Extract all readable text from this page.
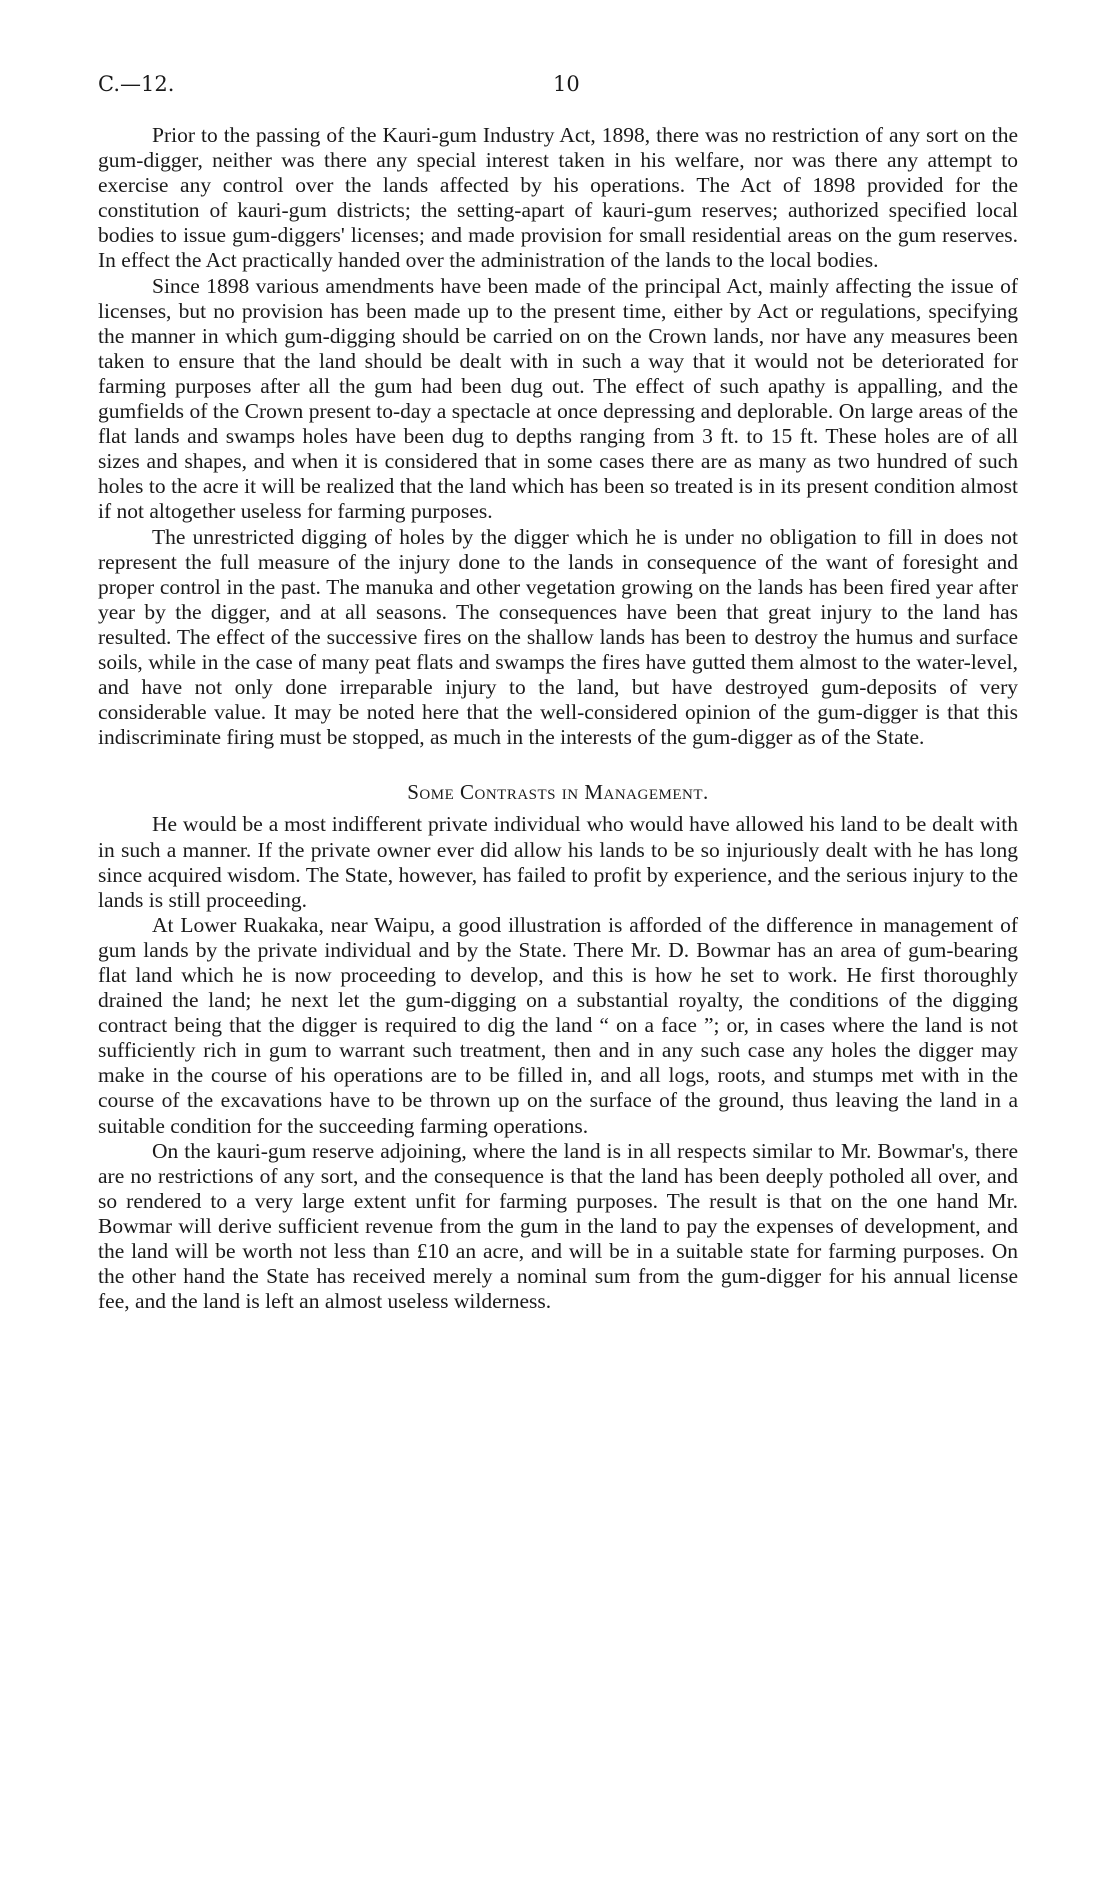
C.—12.	10

Prior to the passing of the Kauri-gum Industry Act, 1898, there was no restriction of any sort on the gum-digger, neither was there any special interest taken in his welfare, nor was there any attempt to exercise any control over the lands affected by his operations. The Act of 1898 provided for the constitution of kauri-gum districts; the setting-apart of kauri-gum reserves; authorized specified local bodies to issue gum-diggers' licenses; and made provision for small residential areas on the gum reserves. In effect the Act practically handed over the administration of the lands to the local bodies.

Since 1898 various amendments have been made of the principal Act, mainly affecting the issue of licenses, but no provision has been made up to the present time, either by Act or regulations, specifying the manner in which gum-digging should be carried on on the Crown lands, nor have any measures been taken to ensure that the land should be dealt with in such a way that it would not be deteriorated for farming purposes after all the gum had been dug out. The effect of such apathy is appalling, and the gumfields of the Crown present to-day a spectacle at once depressing and deplorable. On large areas of the flat lands and swamps holes have been dug to depths ranging from 3 ft. to 15 ft. These holes are of all sizes and shapes, and when it is considered that in some cases there are as many as two hundred of such holes to the acre it will be realized that the land which has been so treated is in its present condition almost if not altogether useless for farming purposes.

The unrestricted digging of holes by the digger which he is under no obligation to fill in does not represent the full measure of the injury done to the lands in consequence of the want of foresight and proper control in the past. The manuka and other vegetation growing on the lands has been fired year after year by the digger, and at all seasons. The consequences have been that great injury to the land has resulted. The effect of the successive fires on the shallow lands has been to destroy the humus and surface soils, while in the case of many peat flats and swamps the fires have gutted them almost to the water-level, and have not only done irreparable injury to the land, but have destroyed gum-deposits of very considerable value. It may be noted here that the well-considered opinion of the gum-digger is that this indiscriminate firing must be stopped, as much in the interests of the gum-digger as of the State.

Some Contrasts in Management.

He would be a most indifferent private individual who would have allowed his land to be dealt with in such a manner. If the private owner ever did allow his lands to be so injuriously dealt with he has long since acquired wisdom. The State, however, has failed to profit by experience, and the serious injury to the lands is still proceeding.

At Lower Ruakaka, near Waipu, a good illustration is afforded of the difference in management of gum lands by the private individual and by the State. There Mr. D. Bowmar has an area of gum-bearing flat land which he is now proceeding to develop, and this is how he set to work. He first thoroughly drained the land; he next let the gum-digging on a substantial royalty, the conditions of the digging contract being that the digger is required to dig the land “ on a face ”; or, in cases where the land is not sufficiently rich in gum to warrant such treatment, then and in any such case any holes the digger may make in the course of his operations are to be filled in, and all logs, roots, and stumps met with in the course of the excavations have to be thrown up on the surface of the ground, thus leaving the land in a suitable condition for the succeeding farming operations.

On the kauri-gum reserve adjoining, where the land is in all respects similar to Mr. Bowmar's, there are no restrictions of any sort, and the consequence is that the land has been deeply potholed all over, and so rendered to a very large extent unfit for farming purposes. The result is that on the one hand Mr. Bowmar will derive sufficient revenue from the gum in the land to pay the expenses of development, and the land will be worth not less than £10 an acre, and will be in a suitable state for farming purposes. On the other hand the State has received merely a nominal sum from the gum-digger for his annual license fee, and the land is left an almost useless wilderness.
